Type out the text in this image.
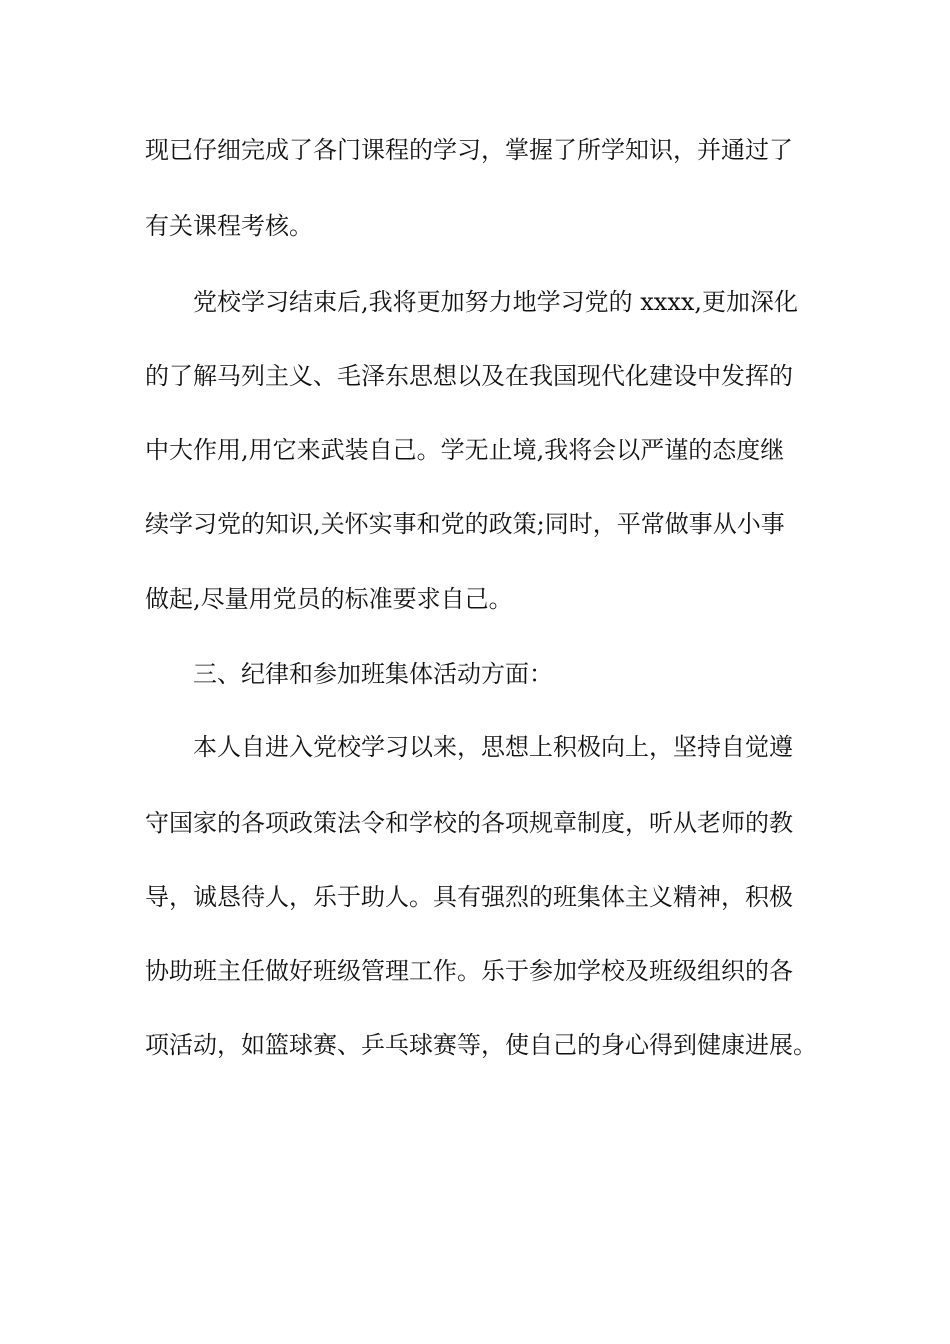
现已仔细完成了各门课程的学习，掌握了所学知识，并通过了
有关课程考核。
党校学习结束后,我将更加努力地学习党的 xxxx,更加深化
的了解马列主义、毛泽东思想以及在我国现代化建设中发挥的
中大作用,用它来武装自己。学无止境,我将会以严谨的态度继
续学习党的知识,关怀实事和党的政策;同时，平常做事从小事
做起,尽量用党员的标准要求自己。
三、纪律和参加班集体活动方面：
本人自进入党校学习以来，思想上积极向上，坚持自觉遵
守国家的各项政策法令和学校的各项规章制度，听从老师的教
导，诚恳待人，乐于助人。具有强烈的班集体主义精神，积极
协助班主任做好班级管理工作。乐于参加学校及班级组织的各
项活动，如篮球赛、乒乓球赛等，使自己的身心得到健康进展。
